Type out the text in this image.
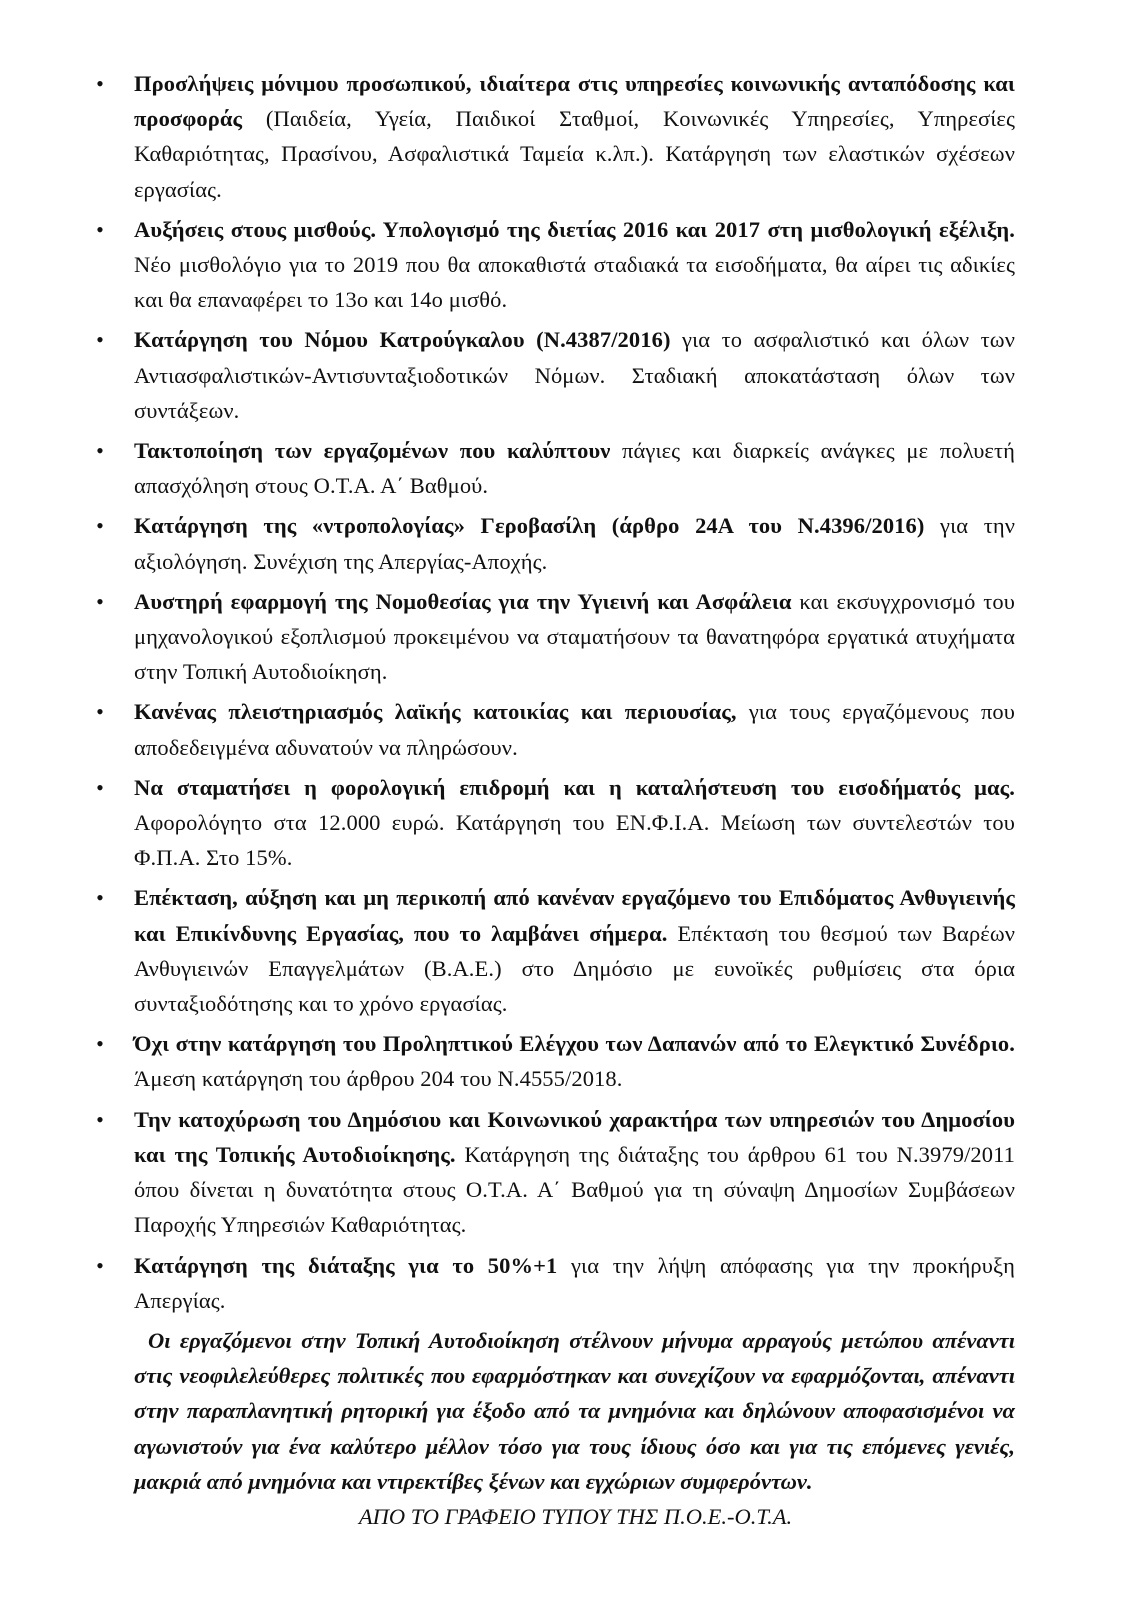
• Προσλήψεις μόνιμου προσωπικού, ιδιαίτερα στις υπηρεσίες κοινωνικής ανταπόδοσης και προσφοράς (Παιδεία, Υγεία, Παιδικοί Σταθμοί, Κοινωνικές Υπηρεσίες, Υπηρεσίες Καθαριότητας, Πρασίνου, Ασφαλιστικά Ταμεία κ.λπ.). Κατάργηση των ελαστικών σχέσεων εργασίας.
• Αυξήσεις στους μισθούς. Υπολογισμό της διετίας 2016 και 2017 στη μισθολογική εξέλιξη. Νέο μισθολόγιο για το 2019 που θα αποκαθιστά σταδιακά τα εισοδήματα, θα αίρει τις αδικίες και θα επαναφέρει το 13ο και 14ο μισθό.
• Κατάργηση του Νόμου Κατρούγκαλου (Ν.4387/2016) για το ασφαλιστικό και όλων των Αντιασφαλιστικών-Αντισυνταξιοδοτικών Νόμων. Σταδιακή αποκατάσταση όλων των συντάξεων.
• Τακτοποίηση των εργαζομένων που καλύπτουν πάγιες και διαρκείς ανάγκες με πολυετή απασχόληση στους Ο.Τ.Α. Α΄ Βαθμού.
• Κατάργηση της «ντροπολογίας» Γεροβασίλη (άρθρο 24Α του Ν.4396/2016) για την αξιολόγηση. Συνέχιση της Απεργίας-Αποχής.
• Αυστηρή εφαρμογή της Νομοθεσίας για την Υγιεινή και Ασφάλεια και εκσυγχρονισμό του μηχανολογικού εξοπλισμού προκειμένου να σταματήσουν τα θανατηφόρα εργατικά ατυχήματα στην Τοπική Αυτοδιοίκηση.
• Κανένας πλειστηριασμός λαϊκής κατοικίας και περιουσίας, για τους εργαζόμενους που αποδεδειγμένα αδυνατούν να πληρώσουν.
• Να σταματήσει η φορολογική επιδρομή και η καταλήστευση του εισοδήματός μας. Αφορολόγητο στα 12.000 ευρώ. Κατάργηση του ΕΝ.Φ.Ι.Α. Μείωση των συντελεστών του Φ.Π.Α. Στο 15%.
• Επέκταση, αύξηση και μη περικοπή από κανέναν εργαζόμενο του Επιδόματος Ανθυγιεινής και Επικίνδυνης Εργασίας, που το λαμβάνει σήμερα. Επέκταση του θεσμού των Βαρέων Ανθυγιεινών Επαγγελμάτων (Β.Α.Ε.) στο Δημόσιο με ευνοϊκές ρυθμίσεις στα όρια συνταξιοδότησης και το χρόνο εργασίας.
• Όχι στην κατάργηση του Προληπτικού Ελέγχου των Δαπανών από το Ελεγκτικό Συνέδριο. Άμεση κατάργηση του άρθρου 204 του Ν.4555/2018.
• Την κατοχύρωση του Δημόσιου και Κοινωνικού χαρακτήρα των υπηρεσιών του Δημοσίου και της Τοπικής Αυτοδιοίκησης. Κατάργηση της διάταξης του άρθρου 61 του Ν.3979/2011 όπου δίνεται η δυνατότητα στους Ο.Τ.Α. Α΄ Βαθμού για τη σύναψη Δημοσίων Συμβάσεων Παροχής Υπηρεσιών Καθαριότητας.
• Κατάργηση της διάταξης για το 50%+1 για την λήψη απόφασης για την προκήρυξη Απεργίας.

Οι εργαζόμενοι στην Τοπική Αυτοδιοίκηση στέλνουν μήνυμα αρραγούς μετώπου απέναντι στις νεοφιλελεύθερες πολιτικές που εφαρμόστηκαν και συνεχίζουν να εφαρμόζονται, απέναντι στην παραπλανητική ρητορική για έξοδο από τα μνημόνια και δηλώνουν αποφασισμένοι να αγωνιστούν για ένα καλύτερο μέλλον τόσο για τους ίδιους όσο και για τις επόμενες γενιές, μακριά από μνημόνια και ντιρεκτίβες ξένων και εγχώριων συμφερόντων.

ΑΠΟ ΤΟ ΓΡΑΦΕΙΟ ΤΥΠΟΥ ΤΗΣ Π.Ο.Ε.-Ο.Τ.Α.
